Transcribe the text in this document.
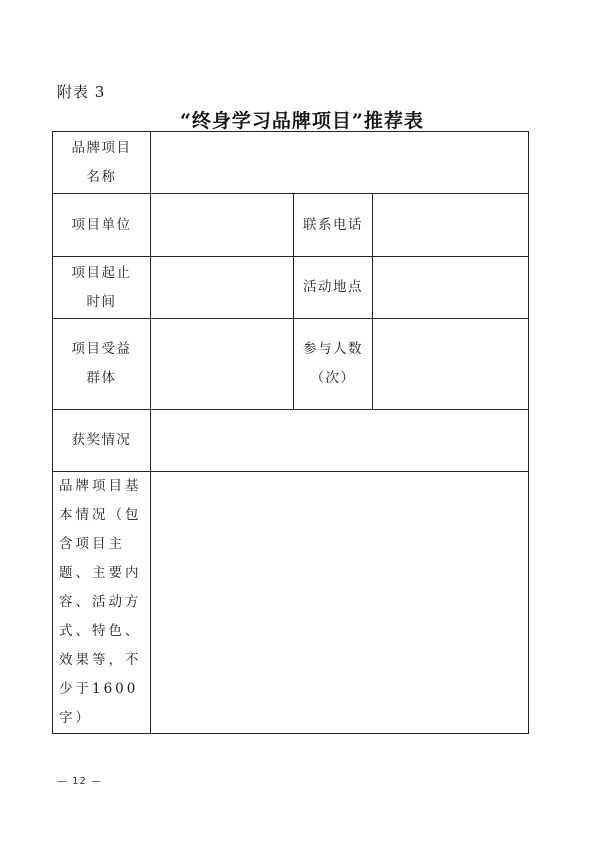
附表 3
“终身学习品牌项目”推荐表
品牌项目
名称			

项目单位		联系电话	

项目起止
时间		活动地点	

项目受益
群体		参与人数
（次）	

获奖情况			
品牌项目基本情况（包含项目主题、主要内容、活动方式、特色、效果等，不少于1600字）			
— 12 —
